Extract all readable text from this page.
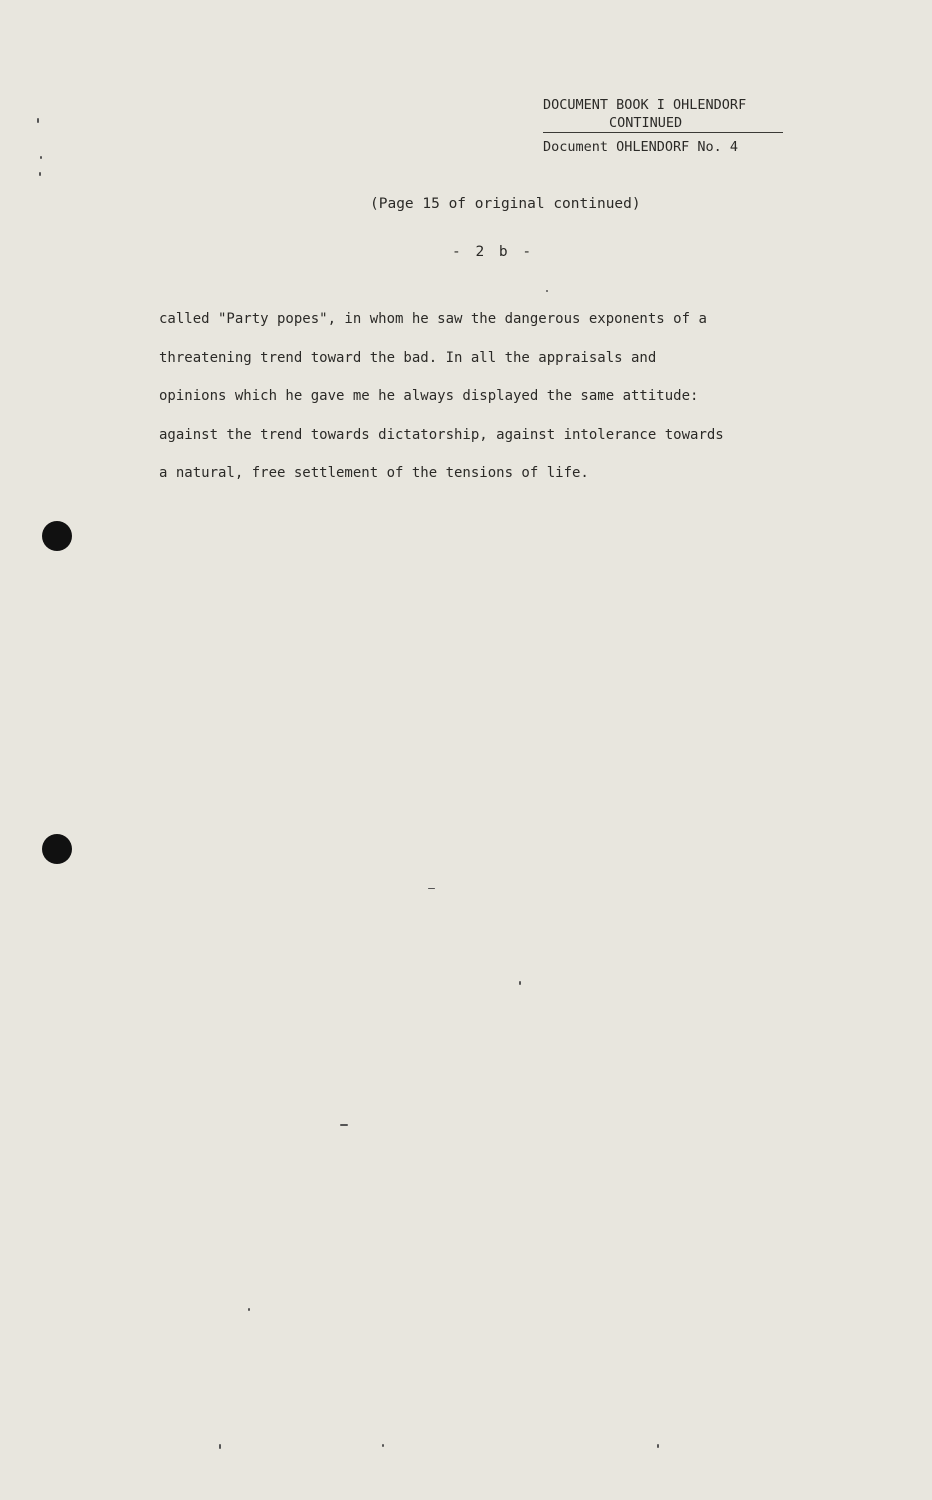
DOCUMENT BOOK I OHLENDORF
CONTINUED
Document OHLENDORF No. 4
(Page 15 of original continued)
- 2 b -
called "Party popes", in whom he saw the dangerous exponents of a
threatening trend toward the bad. In all the appraisals and
opinions which he gave me he always displayed the same attitude:
against the trend towards dictatorship, against intolerance towards
a natural, free settlement of the tensions of life.
